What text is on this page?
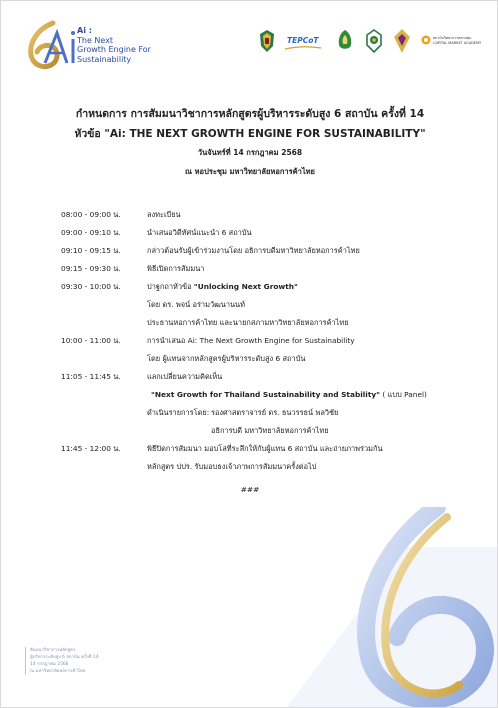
Ai :
The Next
Growth Engine For
Sustainability
TEPCoT	สถาบันวิทยาการตลาดทุน
CAPITAL MARKET ACADEMY
กำหนดการ การสัมมนาวิชาการหลักสูตรผู้บริหารระดับสูง 6 สถาบัน ครั้งที่ 14
หัวข้อ "Ai: THE NEXT GROWTH ENGINE FOR SUSTAINABILITY"
วันจันทร์ที่ 14 กรกฎาคม 2568
ณ หอประชุม มหาวิทยาลัยหอการค้าไทย
08:00 - 09:00 น.	ลงทะเบียน
09:00 - 09:10 น.	นำเสนอวิดีทัศน์แนะนำ 6 สถาบัน
09:10 - 09:15 น.	กล่าวต้อนรับผู้เข้าร่วมงานโดย อธิการบดีมหาวิทยาลัยหอการค้าไทย
09:15 - 09:30 น.	พิธีเปิดการสัมมนา
09:30 - 10:00 น.	ปาฐกถาหัวข้อ "Unlocking Next Growth"
โดย ดร. พจน์ อร่ามวัฒนานนท์
ประธานหอการค้าไทย และนายกสภามหาวิทยาลัยหอการค้าไทย
10:00 - 11:00 น.	การนำเสนอ Ai: The Next Growth Engine for Sustainability
โดย ผู้แทนจากหลักสูตรผู้บริหารระดับสูง 6 สถาบัน
11:05 - 11:45 น.	แลกเปลี่ยนความคิดเห็น
"Next Growth for Thailand Sustainability and Stability" ( แบบ Panel)
ดำเนินรายการโดย: รองศาสตราจารย์ ดร. ธนวรรธน์ พลวิชัย
อธิการบดี มหาวิทยาลัยหอการค้าไทย
11:45 - 12:00 น.	พิธีปิดการสัมมนา มอบโล่ที่ระลึกให้กับผู้แทน 6 สถาบัน และถ่ายภาพร่วมกัน
หลักสูตร ปปร. รับมอบธงเจ้าภาพการสัมมนาครั้งต่อไป
###
สัมมนาวิชาการหลักสูตร
ผู้บริหารระดับสูง 6 สถาบัน ครั้งที่ 14
14 กรกฎาคม 2568
ณ มหาวิทยาลัยหอการค้าไทย
